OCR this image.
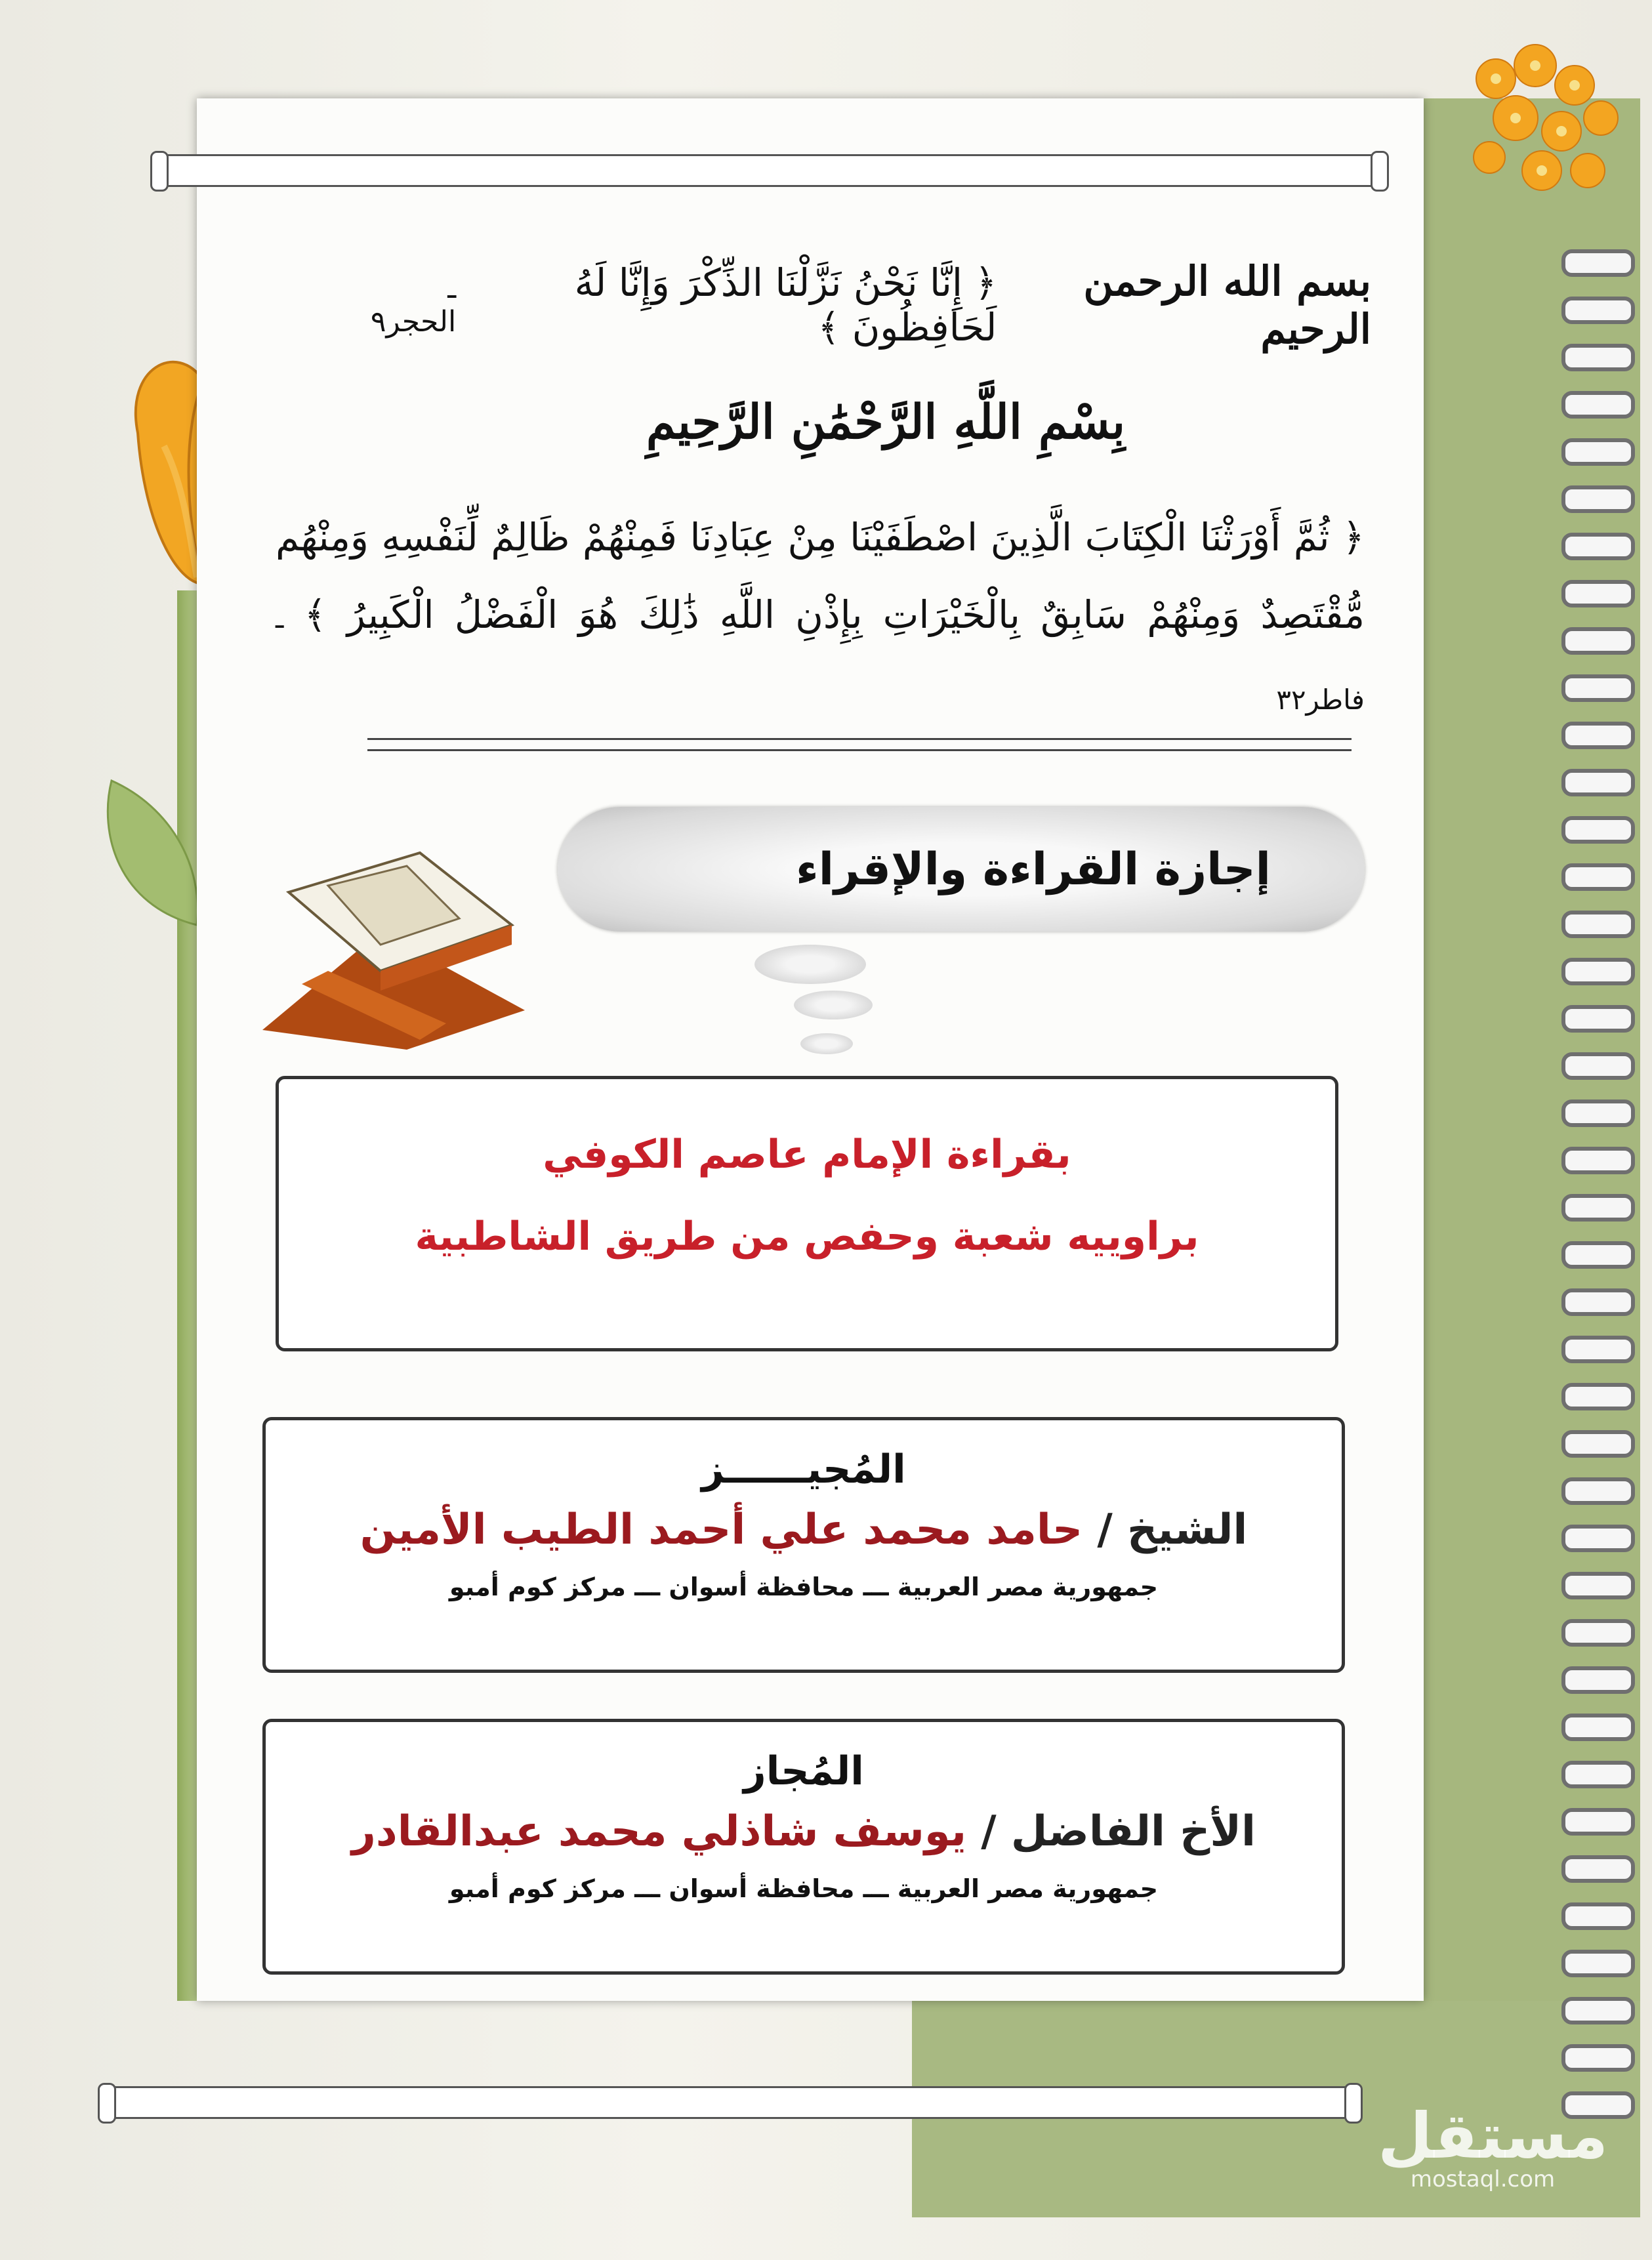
بسم الله الرحمن الرحيم
﴿ إِنَّا نَحْنُ نَزَّلْنَا الذِّكْرَ وَإِنَّا لَهُ لَحَافِظُونَ ﴾
ـ الحجر٩
بِسْمِ اللَّهِ الرَّحْمَٰنِ الرَّحِيمِ
﴿ ثُمَّ أَوْرَثْنَا الْكِتَابَ الَّذِينَ اصْطَفَيْنَا مِنْ عِبَادِنَا فَمِنْهُمْ ظَالِمٌ لِّنَفْسِهِ وَمِنْهُم مُّقْتَصِدٌ وَمِنْهُمْ سَابِقٌ بِالْخَيْرَاتِ بِإِذْنِ اللَّهِ ذَٰلِكَ هُوَ الْفَضْلُ الْكَبِيرُ ﴾ ـ فاطر٣٢
إجازة القراءة والإقراء
بقراءة الإمام عاصم الكوفي
براوييه شعبة وحفص من طريق الشاطبية
المُجيــــــز
الشيخ / حامد محمد علي أحمد الطيب الأمين
جمهورية مصر العربية ـــ محافظة أسوان ـــ مركز كوم أمبو
المُجاز
الأخ الفاضل / يوسف شاذلي محمد عبدالقادر
جمهورية مصر العربية ـــ محافظة أسوان ـــ مركز كوم أمبو
مستقل
mostaql.com
